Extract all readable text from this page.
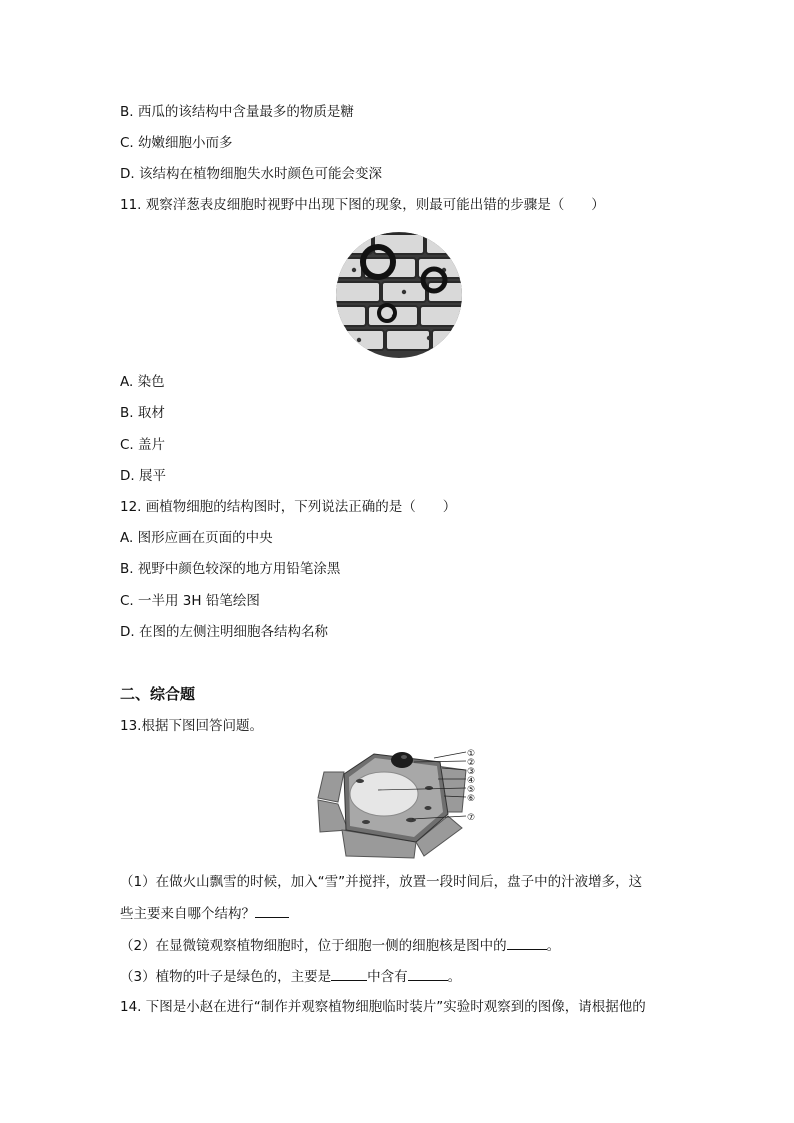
B. 西瓜的该结构中含量最多的物质是糖
C. 幼嫩细胞小而多
D. 该结构在植物细胞失水时颜色可能会变深
11. 观察洋葱表皮细胞时视野中出现下图的现象，则最可能出错的步骤是（　　）
A. 染色
B. 取材
C. 盖片
D. 展平
12. 画植物细胞的结构图时，下列说法正确的是（　　）
A. 图形应画在页面的中央
B. 视野中颜色较深的地方用铅笔涂黑
C. 一半用 3H 铅笔绘图
D. 在图的左侧注明细胞各结构名称
二、综合题
13.根据下图回答问题。
①
②
③
④
⑤
⑥
⑦
（1）在做火山飘雪的时候，加入“雪”并搅拌，放置一段时间后，盘子中的汁液增多，这
些主要来自哪个结构？
（2）在显微镜观察植物细胞时，位于细胞一侧的细胞核是图中的	。
（3）植物的叶子是绿色的，主要是	中含有	。
14. 下图是小赵在进行“制作并观察植物细胞临时装片”实验时观察到的图像，请根据他的
